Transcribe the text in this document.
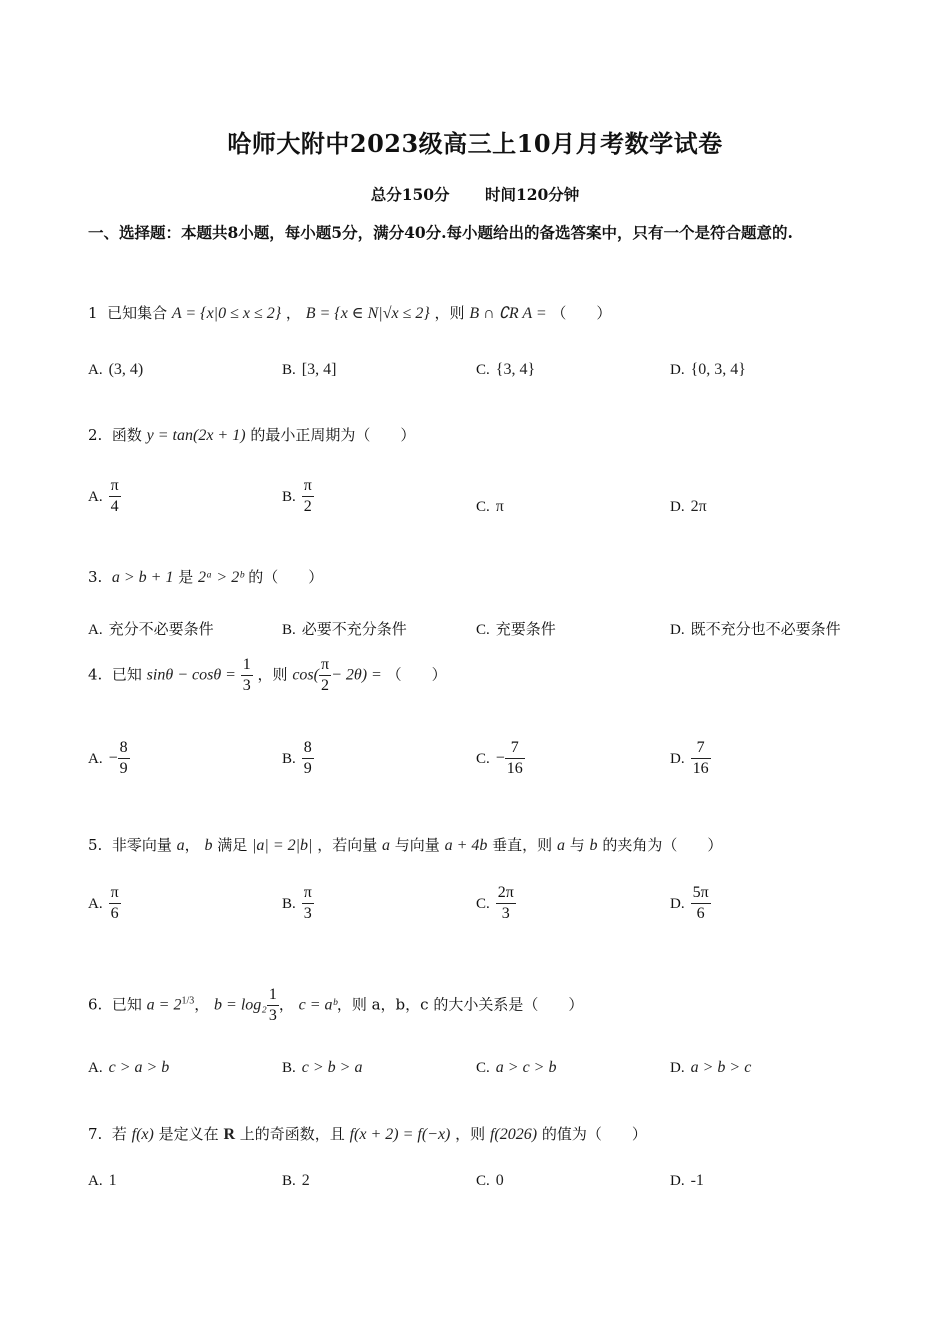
哈师大附中2023级高三上10月月考数学试卷
总分150分 时间120分钟
一、选择题：本题共8小题，每小题5分，满分40分.每小题给出的备选答案中，只有一个是符合题意的.
1 已知集合 A = {x|0 ≤ x ≤ 2} ， B = {x ∈ N|√x ≤ 2} ，则 B ∩ ∁R A = （　　）
A. (3, 4)	B. [3, 4]	C. {3, 4}	D. {0, 3, 4}
2. 函数 y = tan(2x + 1) 的最小正周期为（　　）
A. $\frac{\pi}{4}$	B. $\frac{\pi}{2}$	C. π	D. 2π
3. a > b + 1 是 2ᵃ > 2ᵇ 的（　　）
A. 充分不必要条件	B. 必要不充分条件	C. 充要条件	D. 既不充分也不必要条件
4. 已知 $\sin\theta - \cos\theta = \frac{1}{3}$ ，则 $\cos( \frac{\pi}{2} - 2\theta)$ = （　　）
A. − $\frac{8}{9}$	B. $\frac{8}{9}$	C. − $\frac{7}{16}$	D. $\frac{7}{16}$
5. 非零向量 a， b 满足 |a| = 2|b| ，若向量 a 与向量 a + 4b 垂直，则 a 与 b 的夹角为（　　）
A. $\frac{\pi}{6}$	B. $\frac{\pi}{3}$	C. $\frac{2\pi}{3}$	D. $\frac{5\pi}{6}$
6. 已知 $a = 2^{1/3}$， $b = \log_2 \frac{1}{3}$ ， c = aᵇ，则 a，b，c 的大小关系是（　　）
A. c > a > b	B. c > b > a	C. a > c > b	D. a > b > c
7. 若 f(x) 是定义在 R 上的奇函数，且 f(x + 2) = f(−x) ，则 f(2026) 的值为（　　）
A. 1	B. 2	C. 0	D. -1
